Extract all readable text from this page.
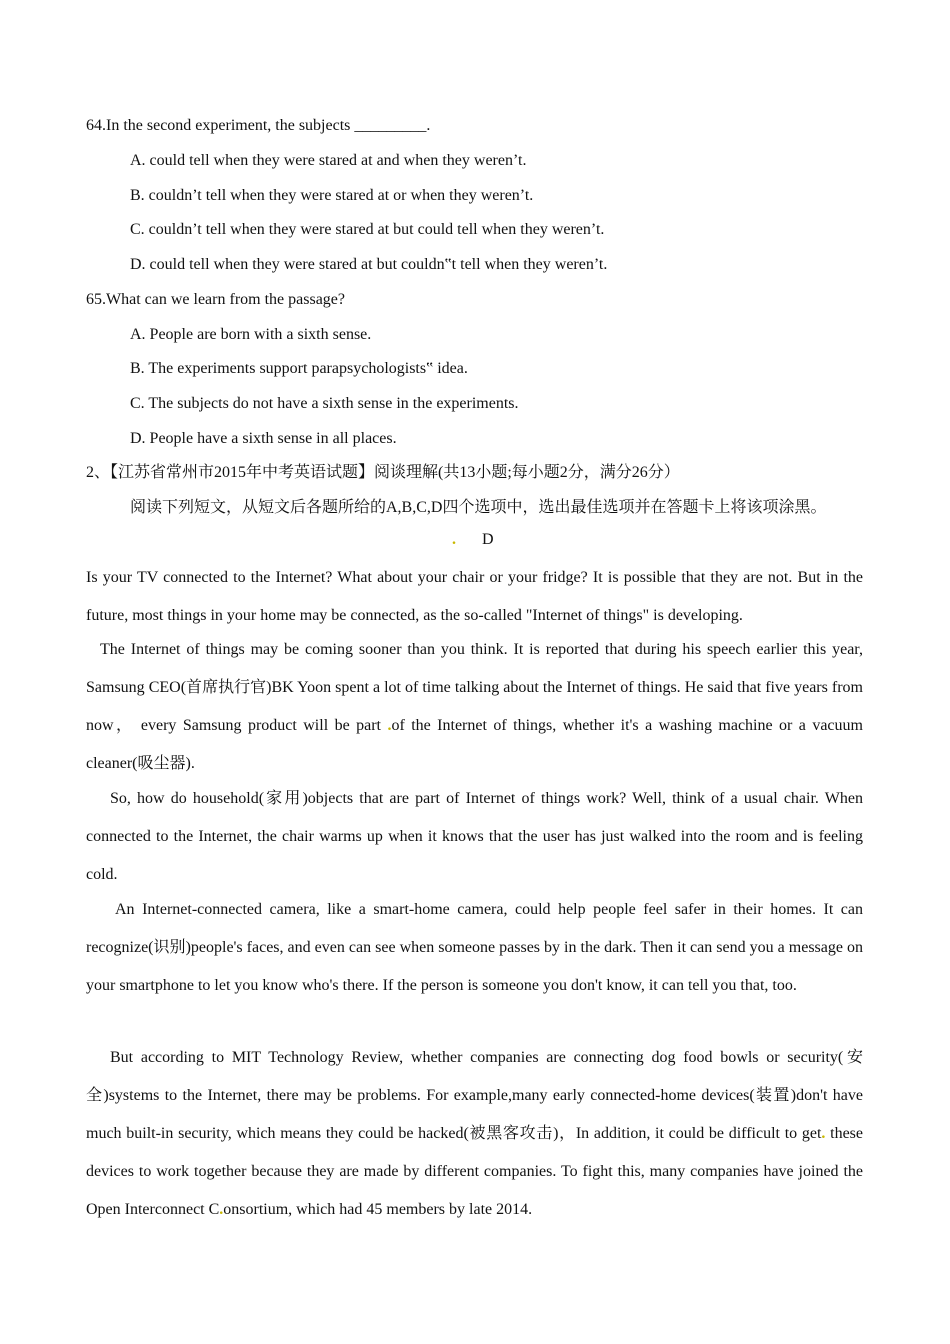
64.In the second experiment, the subjects _________.
A. could tell when they were stared at and when they weren’t.
B. couldn’t tell when they were stared at or when they weren’t.
C. couldn’t tell when they were stared at but could tell when they weren’t.
D. could tell when they were stared at but couldn‟t tell when they weren’t.
65.What can we learn from the passage?
A. People are born with a sixth sense.
B. The experiments support parapsychologists‟ idea.
C. The subjects do not have a sixth sense in the experiments.
D. People have a sixth sense in all places.
2、【江苏省常州市2015年中考英语试题】阅谈理解(共13小题;每小题2分，满分26分）
阅读下列短文，从短文后各题所给的A,B,C,D四个选项中，选出最佳选项并在答题卡上将该项涂黑。
. D
Is your TV connected to the Internet? What about your chair or your fridge? It is possible that they are not. But in the future, most things in your home may be connected, as the so-called "Internet of things" is developing.
The Internet of things may be coming sooner than you think. It is reported that during his speech earlier this year, Samsung CEO(首席执行官)BK Yoon spent a lot of time talking about the Internet of things. He said that five years from now， every Samsung product will be part .of the Internet of things, whether it's a washing machine or a vacuum cleaner(吸尘器).
So, how do household(家用)objects that are part of Internet of things work? Well, think of a usual chair. When connected to the Internet, the chair warms up when it knows that the user has just walked into the room and is feeling cold.
An Internet-connected camera, like a smart-home camera, could help people feel safer in their homes. It can recognize(识别)people's faces, and even can see when someone passes by in the dark. Then it can send you a message on your smartphone to let you know who's there. If the person is someone you don't know, it can tell you that, too.
But according to MIT Technology Review, whether companies are connecting dog food bowls or security(安全)systems to the Internet, there may be problems. For example,many early connected-home devices(装置)don't have much built-in security, which means they could be hacked(被黑客攻击)，In addition, it could be difficult to get. these devices to work together because they are made by different companies. To fight this, many companies have joined the Open Interconnect C.onsortium, which had 45 members by late 2014.
